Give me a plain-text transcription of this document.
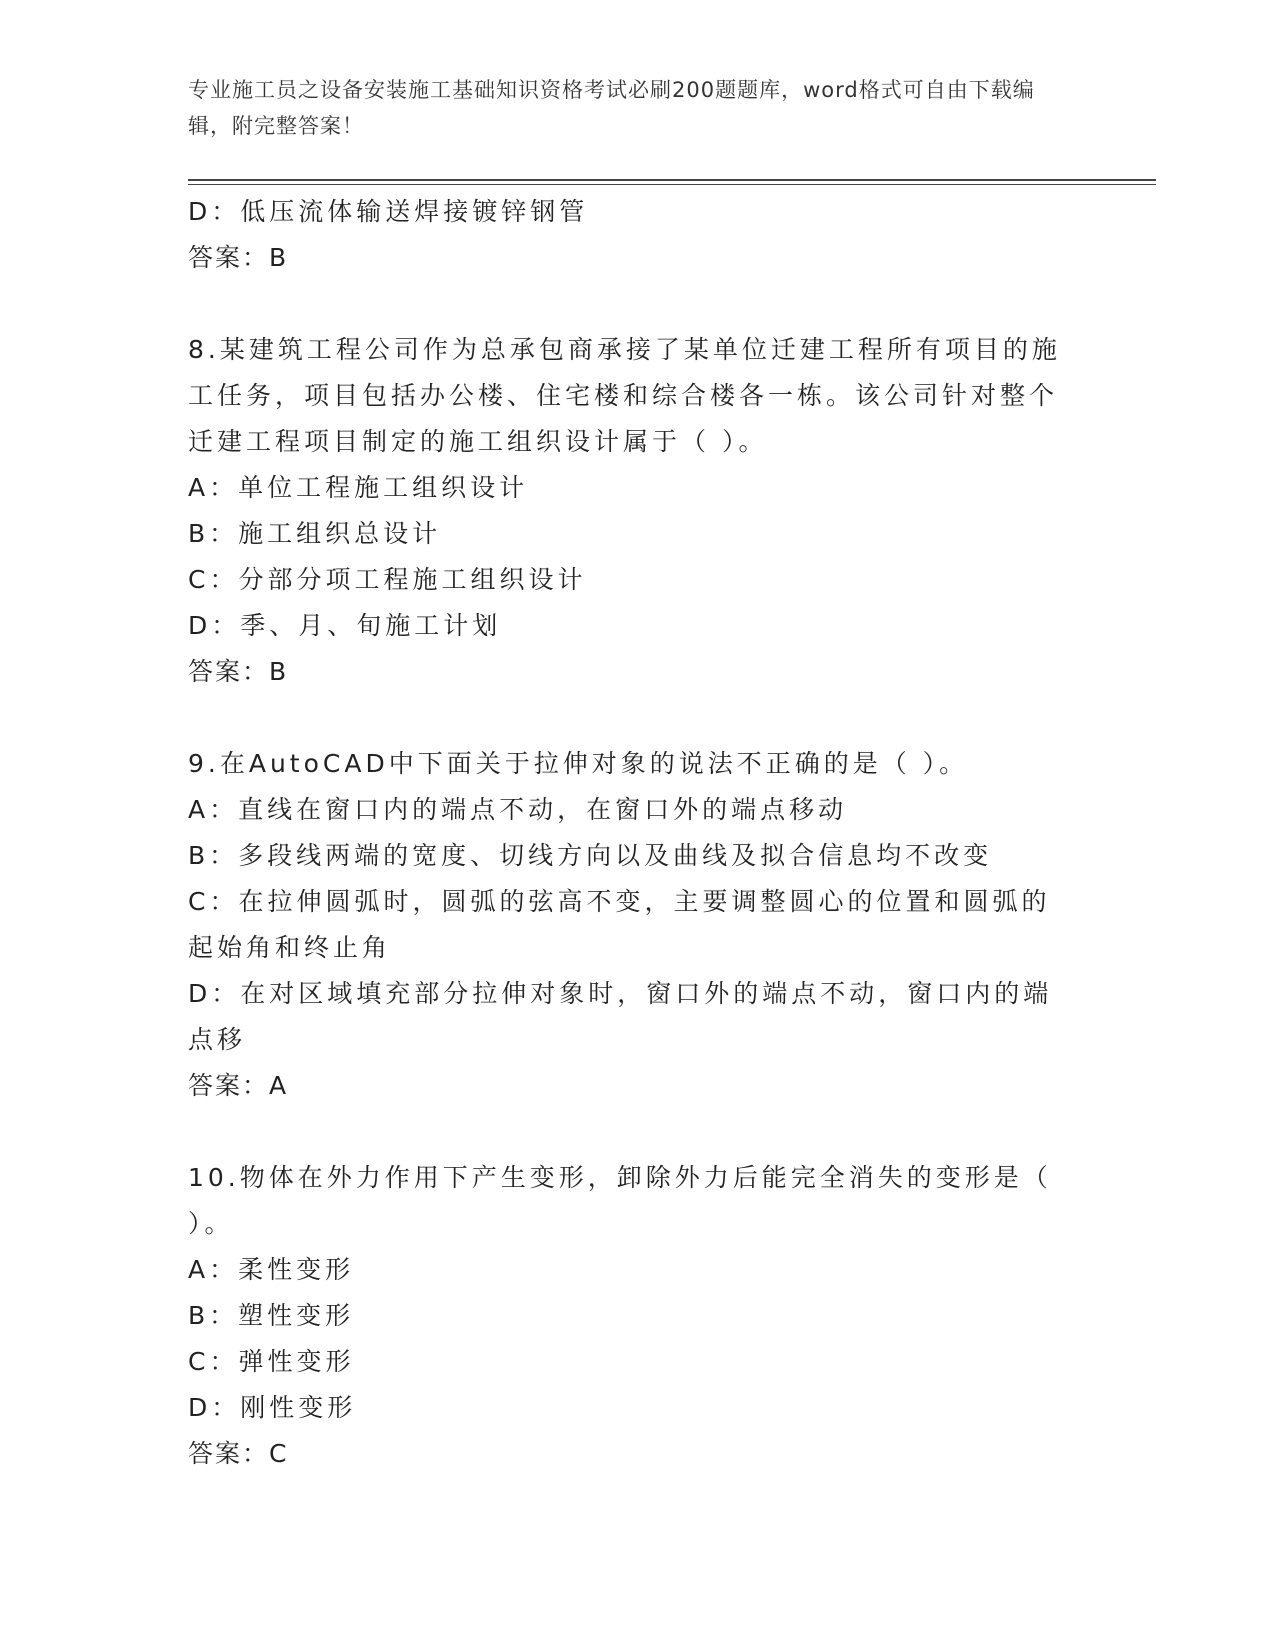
专业施工员之设备安装施工基础知识资格考试必刷200题题库，word格式可自由下载编辑，附完整答案！

D：低压流体输送焊接镀锌钢管

答案：B

8.某建筑工程公司作为总承包商承接了某单位迁建工程所有项目的施工任务，项目包括办公楼、住宅楼和综合楼各一栋。该公司针对整个迁建工程项目制定的施工组织设计属于（ ）。

A：单位工程施工组织设计

B：施工组织总设计

C：分部分项工程施工组织设计

D：季、月、旬施工计划

答案：B

9.在AutoCAD中下面关于拉伸对象的说法不正确的是（ ）。

A：直线在窗口内的端点不动，在窗口外的端点移动

B：多段线两端的宽度、切线方向以及曲线及拟合信息均不改变

C：在拉伸圆弧时，圆弧的弦高不变，主要调整圆心的位置和圆弧的起始角和终止角

D：在对区域填充部分拉伸对象时，窗口外的端点不动，窗口内的端点移

答案：A

10.物体在外力作用下产生变形，卸除外力后能完全消失的变形是（ ）。

A：柔性变形

B：塑性变形

C：弹性变形

D：刚性变形

答案：C
